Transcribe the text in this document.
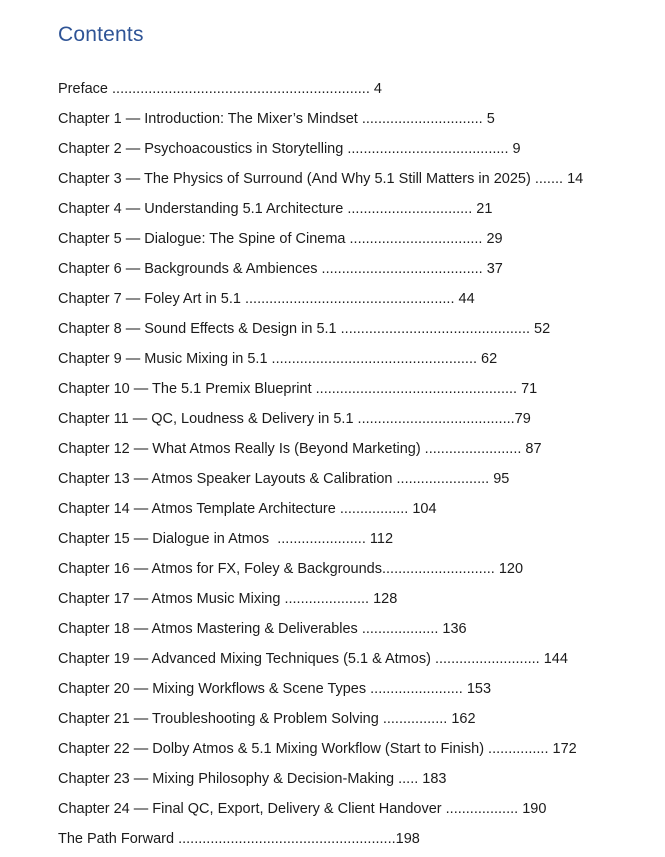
Contents

Preface ................................................................ 4

Chapter 1 — Introduction: The Mixer’s Mindset .............................. 5

Chapter 2 — Psychoacoustics in Storytelling ........................................ 9

Chapter 3 — The Physics of Surround (And Why 5.1 Still Matters in 2025) ....... 14

Chapter 4 — Understanding 5.1 Architecture ............................... 21

Chapter 5 — Dialogue: The Spine of Cinema ................................. 29

Chapter 6 — Backgrounds & Ambiences ........................................ 37

Chapter 7 — Foley Art in 5.1 .................................................... 44

Chapter 8 — Sound Effects & Design in 5.1 ............................................... 52

Chapter 9 — Music Mixing in 5.1 ................................................... 62

Chapter 10 — The 5.1 Premix Blueprint .................................................. 71

Chapter 11 — QC, Loudness & Delivery in 5.1 .......................................79

Chapter 12 — What Atmos Really Is (Beyond Marketing) ........................ 87

Chapter 13 — Atmos Speaker Layouts & Calibration ....................... 95

Chapter 14 — Atmos Template Architecture ................. 104

Chapter 15 — Dialogue in Atmos  ...................... 112

Chapter 16 — Atmos for FX, Foley & Backgrounds............................ 120

Chapter 17 — Atmos Music Mixing ..................... 128

Chapter 18 — Atmos Mastering & Deliverables ................... 136

Chapter 19 — Advanced Mixing Techniques (5.1 & Atmos) .......................... 144

Chapter 20 — Mixing Workflows & Scene Types ....................... 153

Chapter 21 — Troubleshooting & Problem Solving ................ 162

Chapter 22 — Dolby Atmos & 5.1 Mixing Workflow (Start to Finish) ............... 172

Chapter 23 — Mixing Philosophy & Decision-Making ..... 183

Chapter 24 — Final QC, Export, Delivery & Client Handover .................. 190

The Path Forward ......................................................198
